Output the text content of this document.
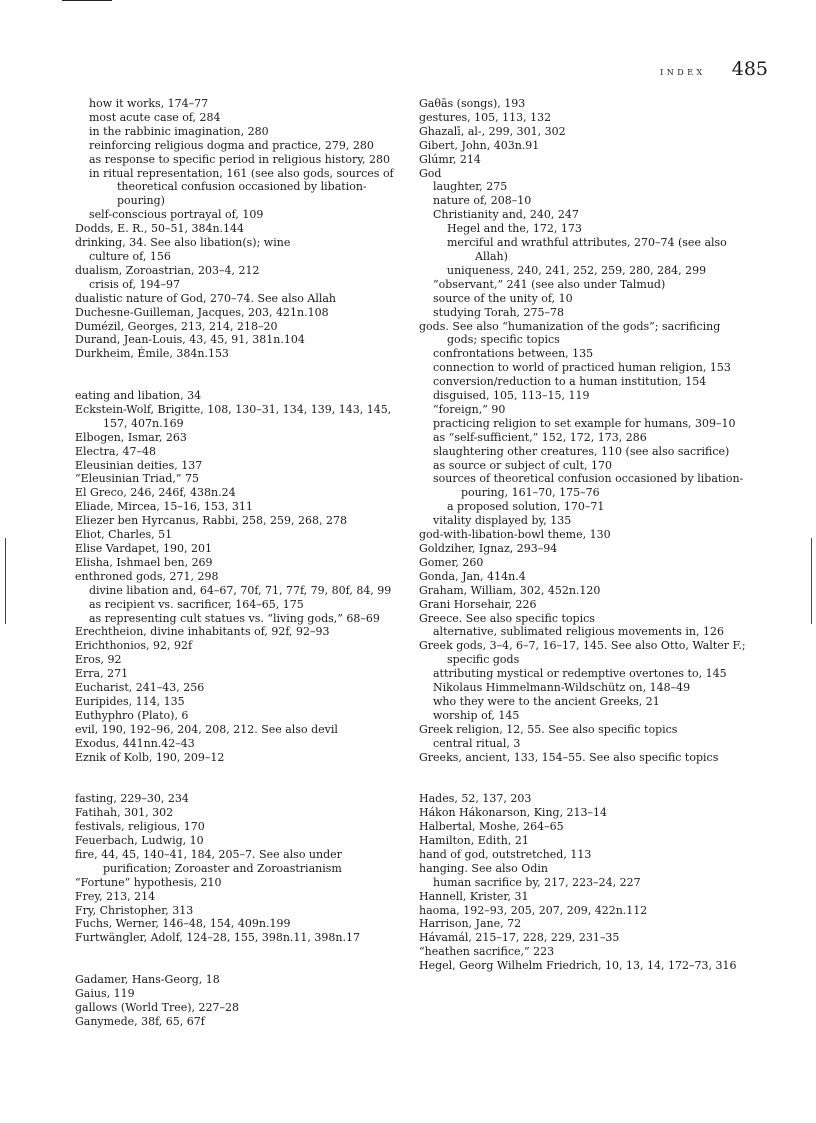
index 485
how it works, 174–77
most acute case of, 284
in the rabbinic imagination, 280
reinforcing religious dogma and practice, 279, 280
as response to specific period in religious history, 280
in ritual representation, 161 (see also gods, sources of theoretical confusion occasioned by libation-pouring)
self-conscious portrayal of, 109
Dodds, E. R., 50–51, 384n.144
drinking, 34. See also libation(s); wine
culture of, 156
dualism, Zoroastrian, 203–4, 212
crisis of, 194–97
dualistic nature of God, 270–74. See also Allah
Duchesne-Guilleman, Jacques, 203, 421n.108
Dumézil, Georges, 213, 214, 218–20
Durand, Jean-Louis, 43, 45, 91, 381n.104
Durkheim, Émile, 384n.153
eating and libation, 34
Eckstein-Wolf, Brigitte, 108, 130–31, 134, 139, 143, 145, 157, 407n.169
Elbogen, Ismar, 263
Electra, 47–48
Eleusinian deities, 137
“Eleusinian Triad,” 75
El Greco, 246, 246f, 438n.24
Eliade, Mircea, 15–16, 153, 311
Eliezer ben Hyrcanus, Rabbi, 258, 259, 268, 278
Eliot, Charles, 51
Elise Vardapet, 190, 201
Elisha, Ishmael ben, 269
enthroned gods, 271, 298
divine libation and, 64–67, 70f, 71, 77f, 79, 80f, 84, 99
as recipient vs. sacrificer, 164–65, 175
as representing cult statues vs. “living gods,” 68–69
Erechtheion, divine inhabitants of, 92f, 92–93
Erichthonios, 92, 92f
Eros, 92
Erra, 271
Eucharist, 241–43, 256
Euripides, 114, 135
Euthyphro (Plato), 6
evil, 190, 192–96, 204, 208, 212. See also devil
Exodus, 441nn.42–43
Eznik of Kolb, 190, 209–12
fasting, 229–30, 234
Fatihah, 301, 302
festivals, religious, 170
Feuerbach, Ludwig, 10
fire, 44, 45, 140–41, 184, 205–7. See also under purification; Zoroaster and Zoroastrianism
“Fortune” hypothesis, 210
Frey, 213, 214
Fry, Christopher, 313
Fuchs, Werner, 146–48, 154, 409n.199
Furtwängler, Adolf, 124–28, 155, 398n.11, 398n.17
Gadamer, Hans-Georg, 18
Gaius, 119
gallows (World Tree), 227–28
Ganymede, 38f, 65, 67f
Gaθās (songs), 193
gestures, 105, 113, 132
Ghazalī, al-, 299, 301, 302
Gibert, John, 403n.91
Glúmr, 214
God
laughter, 275
nature of, 208–10
Christianity and, 240, 247
Hegel and the, 172, 173
merciful and wrathful attributes, 270–74 (see also Allah)
uniqueness, 240, 241, 252, 259, 280, 284, 299
“observant,” 241 (see also under Talmud)
source of the unity of, 10
studying Torah, 275–78
gods. See also “humanization of the gods”; sacrificing gods; specific topics
confrontations between, 135
connection to world of practiced human religion, 153
conversion/reduction to a human institution, 154
disguised, 105, 113–15, 119
“foreign,” 90
practicing religion to set example for humans, 309–10
as “self-sufficient,” 152, 172, 173, 286
slaughtering other creatures, 110 (see also sacrifice)
as source or subject of cult, 170
sources of theoretical confusion occasioned by libation-pouring, 161–70, 175–76
a proposed solution, 170–71
vitality displayed by, 135
god-with-libation-bowl theme, 130
Goldziher, Ignaz, 293–94
Gomer, 260
Gonda, Jan, 414n.4
Graham, William, 302, 452n.120
Grani Horsehair, 226
Greece. See also specific topics
alternative, sublimated religious movements in, 126
Greek gods, 3–4, 6–7, 16–17, 145. See also Otto, Walter F.; specific gods
attributing mystical or redemptive overtones to, 145
Nikolaus Himmelmann-Wildschütz on, 148–49
who they were to the ancient Greeks, 21
worship of, 145
Greek religion, 12, 55. See also specific topics
central ritual, 3
Greeks, ancient, 133, 154–55. See also specific topics
Hades, 52, 137, 203
Hákon Hákonarson, King, 213–14
Halbertal, Moshe, 264–65
Hamilton, Edith, 21
hand of god, outstretched, 113
hanging. See also Odin
human sacrifice by, 217, 223–24, 227
Hannell, Krister, 31
haoma, 192–93, 205, 207, 209, 422n.112
Harrison, Jane, 72
Hávamál, 215–17, 228, 229, 231–35
“heathen sacrifice,” 223
Hegel, Georg Wilhelm Friedrich, 10, 13, 14, 172–73, 316
